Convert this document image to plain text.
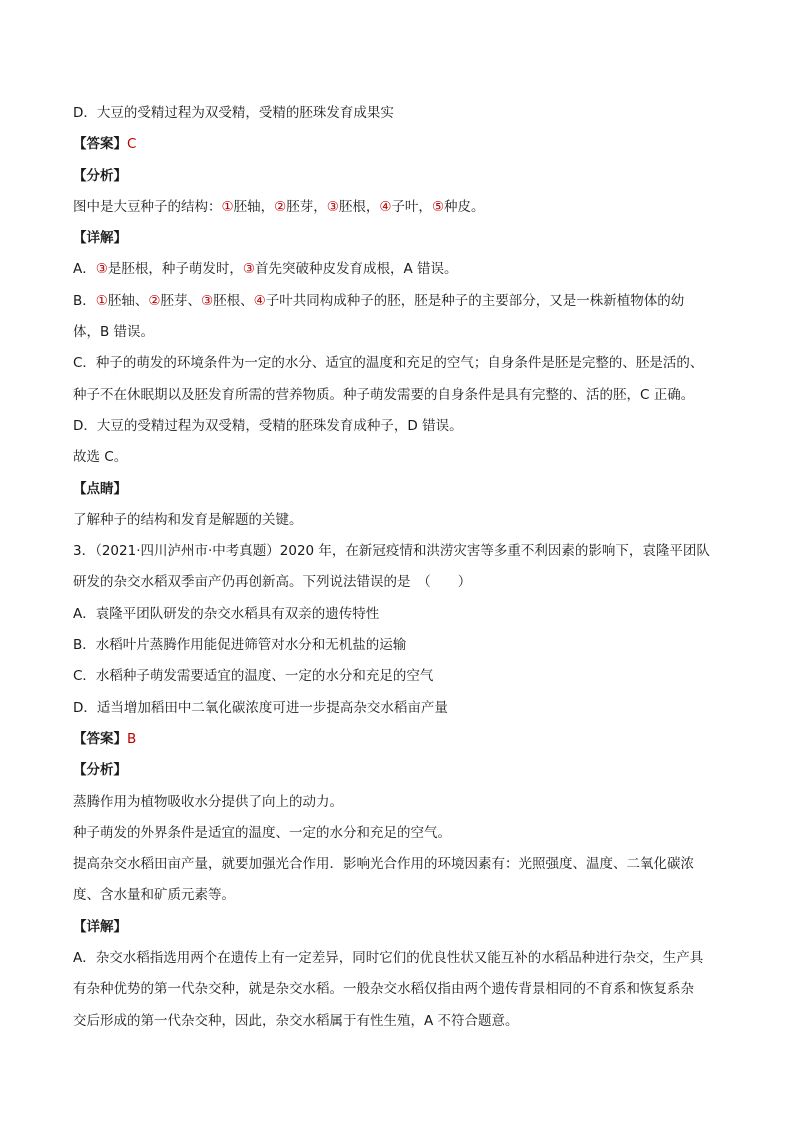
D．大豆的受精过程为双受精，受精的胚珠发育成果实
【答案】C
【分析】
图中是大豆种子的结构：①胚轴，②胚芽，③胚根，④子叶，⑤种皮。
【详解】
A．③是胚根，种子萌发时，③首先突破种皮发育成根，A 错误。
B．①胚轴、②胚芽、③胚根、④子叶共同构成种子的胚，胚是种子的主要部分，又是一株新植物体的幼
体，B 错误。
C．种子的萌发的环境条件为一定的水分、适宜的温度和充足的空气；自身条件是胚是完整的、胚是活的、
种子不在休眠期以及胚发育所需的营养物质。种子萌发需要的自身条件是具有完整的、活的胚，C 正确。
D．大豆的受精过程为双受精，受精的胚珠发育成种子，D 错误。
故选 C。
【点睛】
了解种子的结构和发育是解题的关键。
3．（2021·四川泸州市·中考真题）2020 年，在新冠疫情和洪涝灾害等多重不利因素的影响下，袁隆平团队
研发的杂交水稻双季亩产仍再创新高。下列说法错误的是　（　　）
A．袁隆平团队研发的杂交水稻具有双亲的遗传特性
B．水稻叶片蒸腾作用能促进筛管对水分和无机盐的运输
C．水稻种子萌发需要适宜的温度、一定的水分和充足的空气
D．适当增加稻田中二氧化碳浓度可进一步提高杂交水稻亩产量
【答案】B
【分析】
蒸腾作用为植物吸收水分提供了向上的动力。
种子萌发的外界条件是适宜的温度、一定的水分和充足的空气。
提高杂交水稻田亩产量，就要加强光合作用．影响光合作用的环境因素有：光照强度、温度、二氧化碳浓
度、含水量和矿质元素等。
【详解】
A．杂交水稻指选用两个在遗传上有一定差异，同时它们的优良性状又能互补的水稻品种进行杂交，生产具
有杂种优势的第一代杂交种，就是杂交水稻。一般杂交水稻仅指由两个遗传背景相同的不育系和恢复系杂
交后形成的第一代杂交种，因此，杂交水稻属于有性生殖，A 不符合题意。
